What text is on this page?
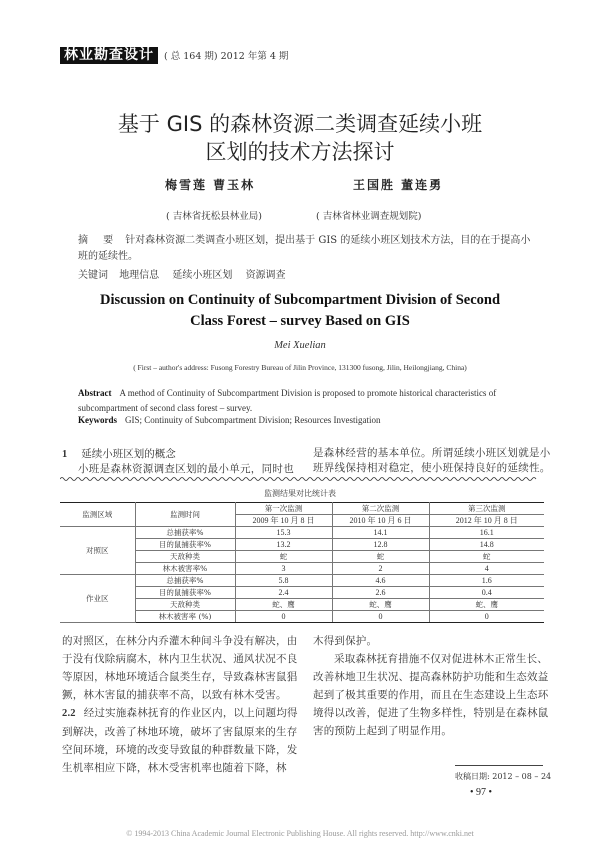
林业勘查设计	( 总 164 期) 2012 年第 4 期
基于 GIS 的森林资源二类调查延续小班
区划的技术方法探讨
梅雪莲 曹玉林	王国胜 董连勇
( 吉林省抚松县林业局)	( 吉林省林业调查规划院)
摘 要 针对森林资源二类调查小班区划，提出基于 GIS 的延续小班区划技术方法，目的在于提高小班的延续性。
关键词 地理信息 延续小班区划 资源调查
Discussion on Continuity of Subcompartment Division of Second
Class Forest – survey Based on GIS
Mei Xuelian
( First – author's address: Fusong Forestry Bureau of Jilin Province, 131300 fusong, Jilin, Heilongjiang, China)
Abstract A method of Continuity of Subcompartment Division is proposed to promote historical characteristics of subcompartment of second class forest – survey.
Keywords GIS; Continuity of Subcompartment Division; Resources Investigation
1 延续小班区划的概念
小班是森林资源调查区划的最小单元，同时也
是森林经营的基本单位。所谓延续小班区划就是小班界线保持相对稳定，使小班保持良好的延续性。
监测结果对比统计表
监测区域	监测时间	第一次监测	第二次监测	第三次监测
		2009 年 10 月 8 日	2010 年 10 月 6 日	2012 年 10 月 8 日
对照区	总捕获率%	15.3	14.1	16.1
	目的鼠捕获率%	13.2	12.8	14.8
	天敌种类	蛇	蛇	蛇
	林木被害率%	3	2	4
作业区	总捕获率%	5.8	4.6	1.6
	目的鼠捕获率%	2.4	2.6	0.4
	天敌种类	蛇、鹰	蛇、鹰	蛇、鹰
	林木被害率 (%)	0	0	0

的对照区，在林分内乔灌木种间斗争没有解决，由于没有伐除病腐木，林内卫生状况、通风状况不良等原因，林地环境适合鼠类生存，导致森林害鼠猖獗，林木害鼠的捕获率不高，以致有林木受害。

2.2 经过实施森林抚育的作业区内，以上问题均得到解决，改善了林地环境，破坏了害鼠原来的生存空间环境，环境的改变导致鼠的种群数量下降，发生机率相应下降，林木受害机率也随着下降，林

木得到保护。

采取森林抚育措施不仅对促进林木正常生长、改善林地卫生状况、提高森林防护功能和生态效益起到了极其重要的作用，而且在生态建设上生态环境得以改善，促进了生物多样性，特别是在森林鼠害的预防上起到了明显作用。

收稿日期: 2012 – 08 – 24
• 97 •
© 1994-2013 China Academic Journal Electronic Publishing House. All rights reserved. http://www.cnki.net
